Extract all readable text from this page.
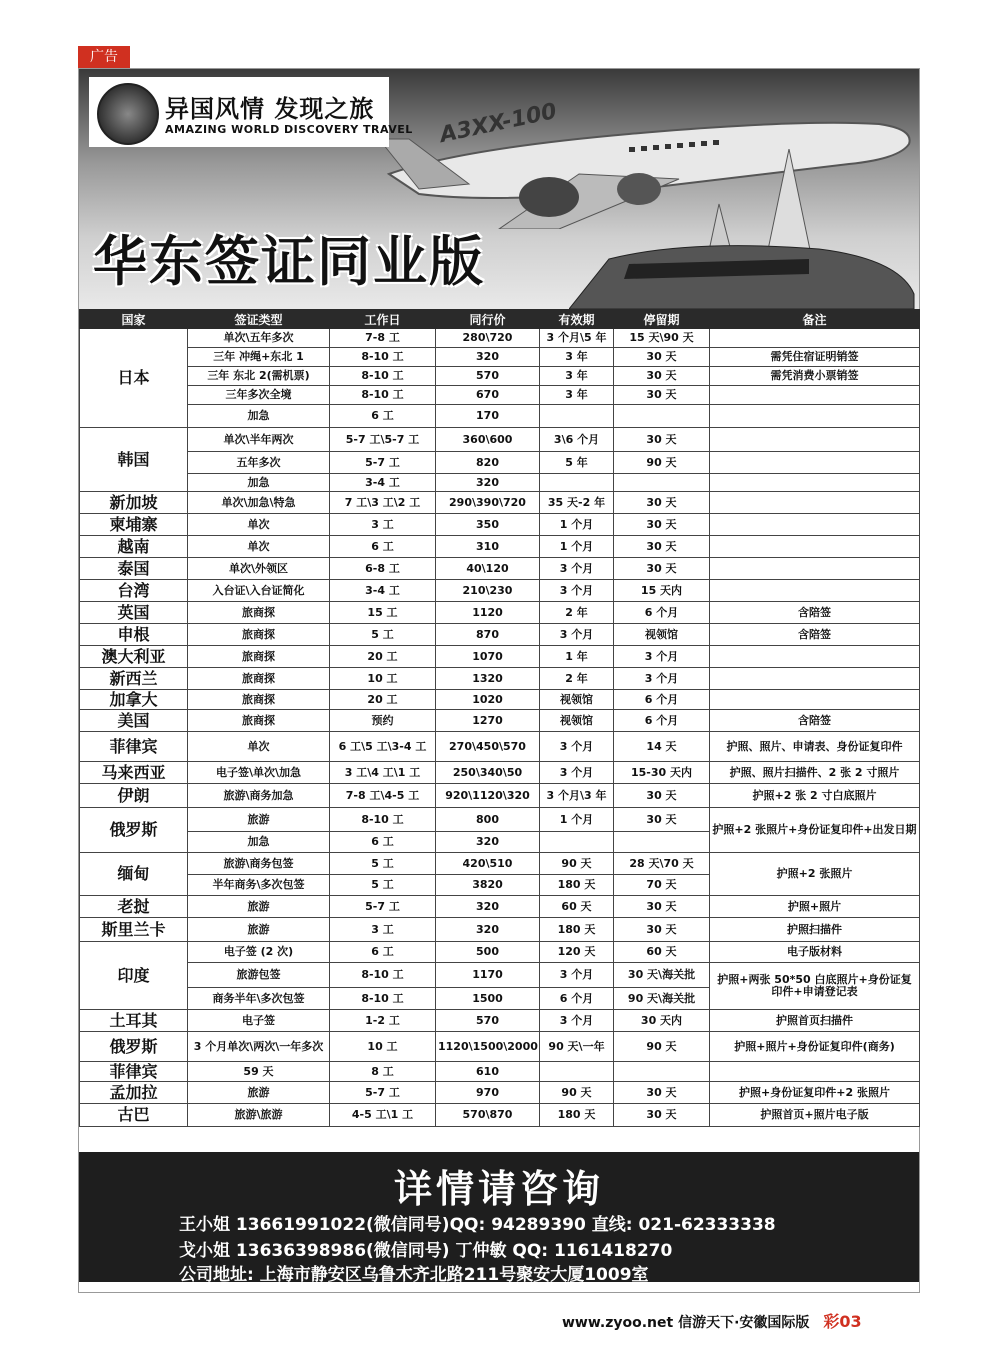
广告
A3XX-100
异国风情 发现之旅
AMAZING WORLD DISCOVERY TRAVEL
华东签证同业版
国家	签证类型	工作日	同行价	有效期	停留期	备注
日本	单次\五年多次	7-8 工	280\720	3 个月\5 年	15 天\90 天	
	三年 冲绳+东北 1	8-10 工	320	3 年	30 天	需凭住宿证明销签
	三年 东北 2(需机票)	8-10 工	570	3 年	30 天	需凭消费小票销签
	三年多次全境	8-10 工	670	3 年	30 天	
	加急	6 工	170			
韩国	单次\半年两次	5-7 工\5-7 工	360\600	3\6 个月	30 天	
	五年多次	5-7 工	820	5 年	90 天	
	加急	3-4 工	320			
新加坡	单次\加急\特急	7 工\3 工\2 工	290\390\720	35 天-2 年	30 天	
柬埔寨	单次	3 工	350	1 个月	30 天	
越南	单次	6 工	310	1 个月	30 天	
泰国	单次\外领区	6-8 工	40\120	3 个月	30 天	
台湾	入台证\入台证简化	3-4 工	210\230	3 个月	15 天内	
英国	旅商探	15 工	1120	2 年	6 个月	含陪签
申根	旅商探	5 工	870	3 个月	视领馆	含陪签
澳大利亚	旅商探	20 工	1070	1 年	3 个月	
新西兰	旅商探	10 工	1320	2 年	3 个月	
加拿大	旅商探	20 工	1020	视领馆	6 个月	
美国	旅商探	预约	1270	视领馆	6 个月	含陪签
菲律宾	单次	6 工\5 工\3-4 工	270\450\570	3 个月	14 天	护照、照片、申请表、身份证复印件
马来西亚	电子签\单次\加急	3 工\4 工\1 工	250\340\50	3 个月	15-30 天内	护照、照片扫描件、2 张 2 寸照片
伊朗	旅游\商务加急	7-8 工\4-5 工	920\1120\320	3 个月\3 年	30 天	护照+2 张 2 寸白底照片
俄罗斯	旅游	8-10 工	800	1 个月	30 天	护照+2 张照片+身份证复印件+出发日期
	加急	6 工	320			
缅甸	旅游\商务包签	5 工	420\510	90 天	28 天\70 天	护照+2 张照片
	半年商务\多次包签	5 工	3820	180 天	70 天	
老挝	旅游	5-7 工	320	60 天	30 天	护照+照片
斯里兰卡	旅游	3 工	320	180 天	30 天	护照扫描件
印度	电子签 (2 次)	6 工	500	120 天	60 天	电子版材料
	旅游包签	8-10 工	1170	3 个月	30 天\海关批	护照+两张 50*50 白底照片+身份证复印件+申请登记表
	商务半年\多次包签	8-10 工	1500	6 个月	90 天\海关批	
土耳其	电子签	1-2 工	570	3 个月	30 天内	护照首页扫描件
俄罗斯	3 个月单次\两次\一年多次	10 工	1120\1500\2000	90 天\一年	90 天	护照+照片+身份证复印件(商务)
菲律宾	59 天	8 工	610			
孟加拉	旅游	5-7 工	970	90 天	30 天	护照+身份证复印件+2 张照片
古巴	旅游\旅游	4-5 工\1 工	570\870	180 天	30 天	护照首页+照片电子版
详情请咨询
王小姐 13661991022(微信同号)QQ: 94289390 直线: 021-62333338
戈小姐 13636398986(微信同号) 丁仲敏 QQ: 1161418270
公司地址: 上海市静安区乌鲁木齐北路211号聚安大厦1009室
www.zyoo.net 信游天下·安徽国际版 彩03
